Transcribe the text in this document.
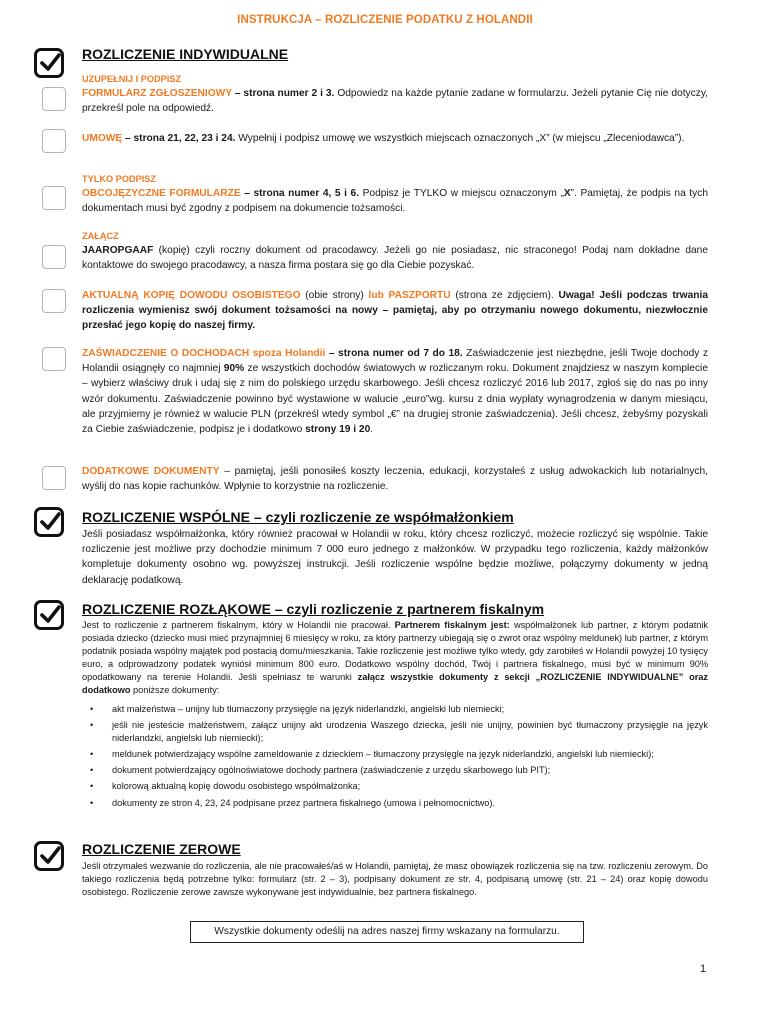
INSTRUKCJA – ROZLICZENIE PODATKU Z HOLANDII
ROZLICZENIE INDYWIDUALNE
UZUPEŁNIJ I PODPISZ
FORMULARZ ZGŁOSZENIOWY – strona numer 2 i 3. Odpowiedz na każde pytanie zadane w formularzu. Jeżeli pytanie Cię nie dotyczy, przekreśl pole na odpowiedź.
UMOWĘ – strona 21, 22, 23 i 24. Wypełnij i podpisz umowę we wszystkich miejscach oznaczonych „X” (w miejscu „Zleceniodawca”).
TYLKO PODPISZ
OBCOJĘZYCZNE FORMULARZE – strona numer 4, 5 i 6. Podpisz je TYLKO w miejscu oznaczonym „X”. Pamiętaj, że podpis na tych dokumentach musi być zgodny z podpisem na dokumencie tożsamości.
ZAŁĄCZ
JAAROPGAAF (kopię) czyli roczny dokument od pracodawcy. Jeżeli go nie posiadasz, nic straconego! Podaj nam dokładne dane kontaktowe do swojego pracodawcy, a nasza firma postara się go dla Ciebie pozyskać.
AKTUALNĄ KOPIĘ DOWODU OSOBISTEGO (obie strony) lub PASZPORTU (strona ze zdjęciem). Uwaga! Jeśli podczas trwania rozliczenia wymienisz swój dokument tożsamości na nowy – pamiętaj, aby po otrzymaniu nowego dokumentu, niezwłocznie przesłać jego kopię do naszej firmy.
ZAŚWIADCZENIE O DOCHODACH spoza Holandii – strona numer od 7 do 18. Zaświadczenie jest niezbędne, jeśli Twoje dochody z Holandii osiągnęły co najmniej 90% ze wszystkich dochodów światowych w rozliczanym roku. Dokument znajdziesz w naszym komplecie – wybierz właściwy druk i udaj się z nim do polskiego urzędu skarbowego. Jeśli chcesz rozliczyć 2016 lub 2017, zgłoś się do nas po inny wzór dokumentu. Zaświadczenie powinno być wystawione w walucie „euro”wg. kursu z dnia wypłaty wynagrodzenia w danym miesiącu, ale przyjmiemy je również w walucie PLN (przekreśl wtedy symbol „€” na drugiej stronie zaświadczenia). Jeśli chcesz, żebyśmy pozyskali za Ciebie zaświadczenie, podpisz je i dodatkowo strony 19 i 20.
DODATKOWE DOKUMENTY – pamiętaj, jeśli ponosiłeś koszty leczenia, edukacji, korzystałeś z usług adwokackich lub notarialnych, wyślij do nas kopie rachunków. Wpłynie to korzystnie na rozliczenie.
ROZLICZENIE WSPÓLNE – czyli rozliczenie ze współmałżonkiem
Jeśli posiadasz współmałżonka, który również pracował w Holandii w roku, który chcesz rozliczyć, możecie rozliczyć się wspólnie. Takie rozliczenie jest możliwe przy dochodzie minimum 7 000 euro jednego z małżonków. W przypadku tego rozliczenia, każdy małżonków kompletuje dokumenty osobno wg. powyższej instrukcji. Jeśli rozliczenie wspólne będzie możliwe, połączymy dokumenty w jedną deklarację podatkową.
ROZLICZENIE ROZŁĄKOWE – czyli rozliczenie z partnerem fiskalnym
Jest to rozliczenie z partnerem fiskalnym, który w Holandii nie pracował. Partnerem fiskalnym jest: współmałżonek lub partner, z którym podatnik posiada dziecko (dziecko musi mieć przynajmniej 6 miesięcy w roku, za który partnerzy ubiegają się o zwrot oraz wspólny meldunek) lub partner, z którym podatnik posiada wspólny majątek pod postacią domu/mieszkania. Takie rozliczenie jest możliwe tylko wtedy, gdy zarobiłeś w Holandii powyżej 10 tysięcy euro, a odprowadzony podatek wyniósł minimum 800 euro. Dodatkowo wspólny dochód, Twój i partnera fiskalnego, musi być w minimum 90% opodatkowany na terenie Holandii. Jeśli spełniasz te warunki załącz wszystkie dokumenty z sekcji „ROZLICZENIE INDYWIDUALNE” oraz dodatkowo poniższe dokumenty:
• akt małżeństwa – unijny lub tłumaczony przysięgle na język niderlandzki, angielski lub niemiecki;
• jeśli nie jesteście małżeństwem, załącz unijny akt urodzenia Waszego dziecka, jeśli nie unijny, powinien być tłumaczony przysięgle na język niderlandzki, angielski lub niemiecki);
• meldunek potwierdzający wspólne zameldowanie z dzieckiem – tłumaczony przysięgle na język niderlandzki, angielski lub niemiecki);
• dokument potwierdzający ogólnoświatowe dochody partnera (zaświadczenie z urzędu skarbowego lub PIT);
• kolorową aktualną kopię dowodu osobistego współmałżonka;
• dokumenty ze stron 4, 23, 24 podpisane przez partnera fiskalnego (umowa i pełnomocnictwo).
ROZLICZENIE ZEROWE
Jeśli otrzymałeś wezwanie do rozliczenia, ale nie pracowałeś/aś w Holandii, pamiętaj, że masz obowiązek rozliczenia się na tzw. rozliczeniu zerowym. Do takiego rozliczenia będą potrzebne tylko: formularz (str. 2 – 3), podpisany dokument ze str. 4, podpisaną umowę (str. 21 – 24) oraz kopię dowodu osobistego. Rozliczenie zerowe zawsze wykonywane jest indywidualnie, bez partnera fiskalnego.
Wszystkie dokumenty odeślij na adres naszej firmy wskazany na formularzu.
1
